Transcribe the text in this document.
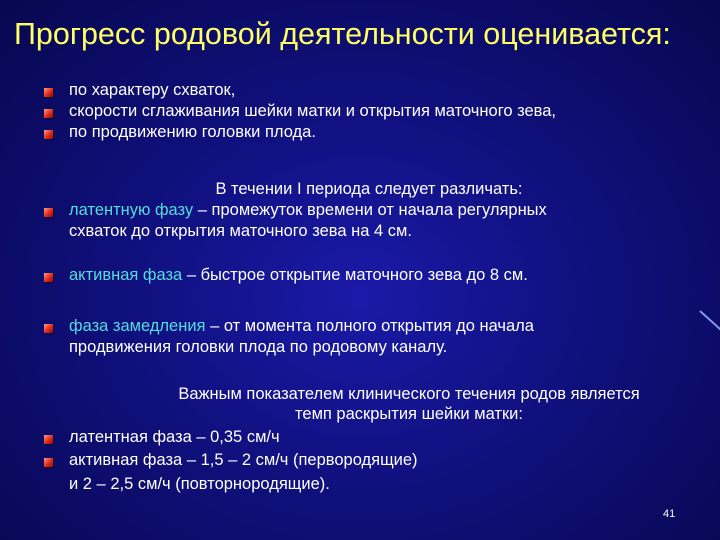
Прогресс родовой деятельности оценивается:
по характеру схваток,
скорости сглаживания шейки матки и открытия маточного зева,
по продвижению головки плода.
В течении I периода следует различать:
латентную фазу – промежуток времени от начала регулярных
схваток до открытия маточного зева на 4 см.
активная фаза – быстрое открытие маточного зева до 8 см.
фаза замедления – от момента полного открытия до начала
продвижения головки плода по родовому каналу.
Важным показателем клинического течения родов является
темп раскрытия шейки матки:
латентная фаза – 0,35 см/ч
активная фаза – 1,5 – 2 см/ч (первородящие)
и 2 – 2,5 см/ч (повторнородящие).
41
